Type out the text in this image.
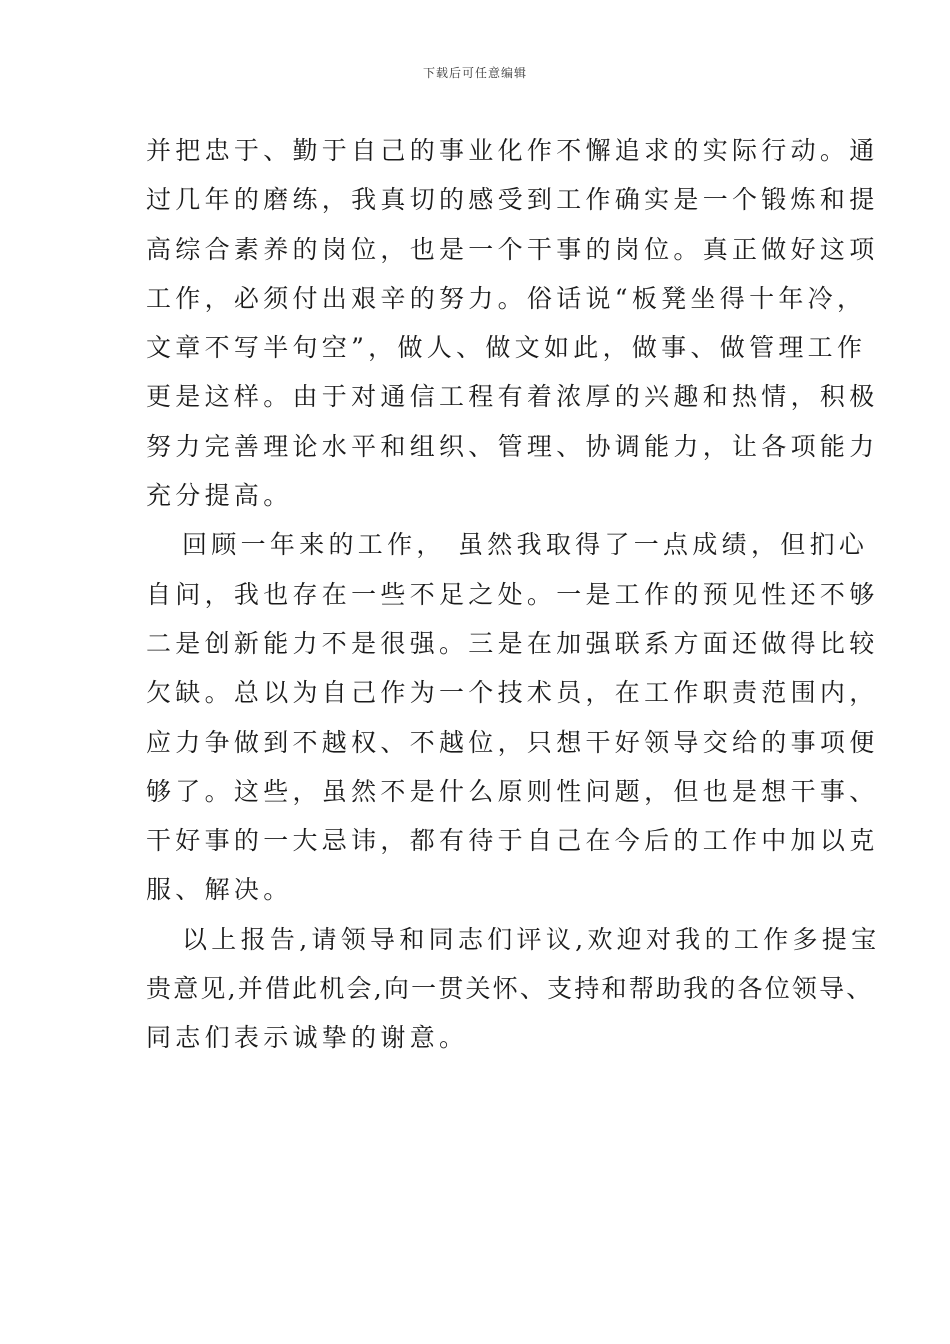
下载后可任意编辑
并把忠于、勤于自己的事业化作不懈追求的实际行动。通
过几年的磨练，我真切的感受到工作确实是一个锻炼和提
高综合素养的岗位，也是一个干事的岗位。真正做好这项
工作，必须付出艰辛的努力。俗话说“板凳坐得十年冷，
文章不写半句空”，做人、做文如此，做事、做管理工作
更是这样。由于对通信工程有着浓厚的兴趣和热情，积极
努力完善理论水平和组织、管理、协调能力，让各项能力
充分提高。
回顾一年来的工作， 虽然我取得了一点成绩，但扪心
自问，我也存在一些不足之处。一是工作的预见性还不够
二是创新能力不是很强。三是在加强联系方面还做得比较
欠缺。总以为自己作为一个技术员，在工作职责范围内，
应力争做到不越权、不越位，只想干好领导交给的事项便
够了。这些，虽然不是什么原则性问题，但也是想干事、
干好事的一大忌讳，都有待于自己在今后的工作中加以克
服、解决。
以上报告,请领导和同志们评议,欢迎对我的工作多提宝
贵意见,并借此机会,向一贯关怀、支持和帮助我的各位领导、
同志们表示诚挚的谢意。
